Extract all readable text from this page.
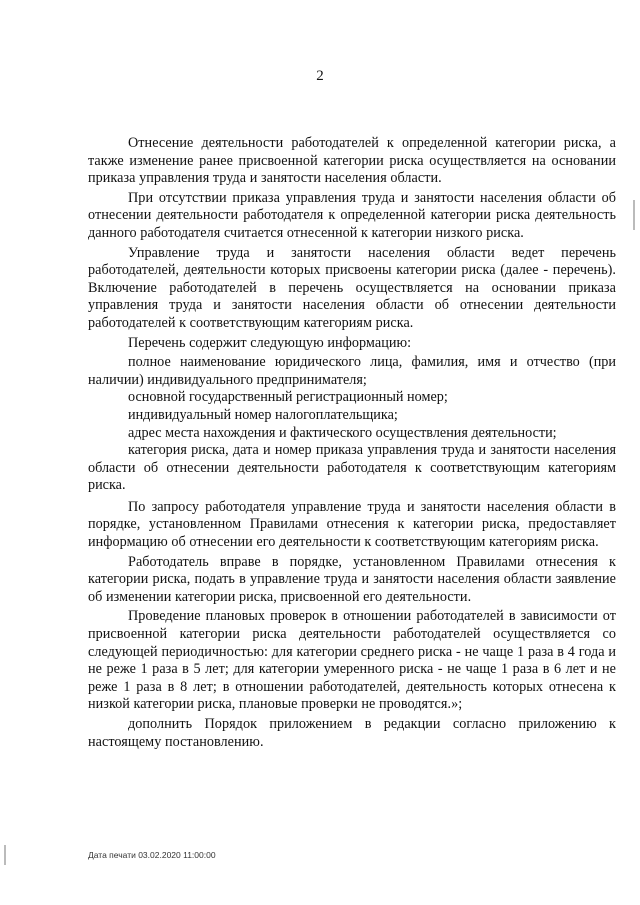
2

Отнесение деятельности работодателей к определенной категории риска, а также изменение ранее присвоенной категории риска осуществляется на основании приказа управления труда и занятости населения области.

При отсутствии приказа управления труда и занятости населения области об отнесении деятельности работодателя к определенной категории риска деятельность данного работодателя считается отнесенной к категории низкого риска.

Управление труда и занятости населения области ведет перечень работодателей, деятельности которых присвоены категории риска (далее - перечень). Включение работодателей в перечень осуществляется на основании приказа управления труда и занятости населения области об отнесении деятельности работодателей к соответствующим категориям риска.

Перечень содержит следующую информацию:

полное наименование юридического лица, фамилия, имя и отчество (при наличии) индивидуального предпринимателя;

основной государственный регистрационный номер;

индивидуальный номер налогоплательщика;

адрес места нахождения и фактического осуществления деятельности;

категория риска, дата и номер приказа управления труда и занятости населения области об отнесении деятельности работодателя к соответствующим категориям риска.

По запросу работодателя управление труда и занятости населения области в порядке, установленном Правилами отнесения к категории риска, предоставляет информацию об отнесении его деятельности к соответствующим категориям риска.

Работодатель вправе в порядке, установленном Правилами отнесения к категории риска, подать в управление труда и занятости населения области заявление об изменении категории риска, присвоенной его деятельности.

Проведение плановых проверок в отношении работодателей в зависимости от присвоенной категории риска деятельности работодателей осуществляется со следующей периодичностью: для категории среднего риска - не чаще 1 раза в 4 года и не реже 1 раза в 5 лет; для категории умеренного риска - не чаще 1 раза в 6 лет и не реже 1 раза в 8 лет; в отношении работодателей, деятельность которых отнесена к низкой категории риска, плановые проверки не проводятся.»;

дополнить Порядок приложением в редакции согласно приложению к настоящему постановлению.

Дата печати 03.02.2020 11:00:00
